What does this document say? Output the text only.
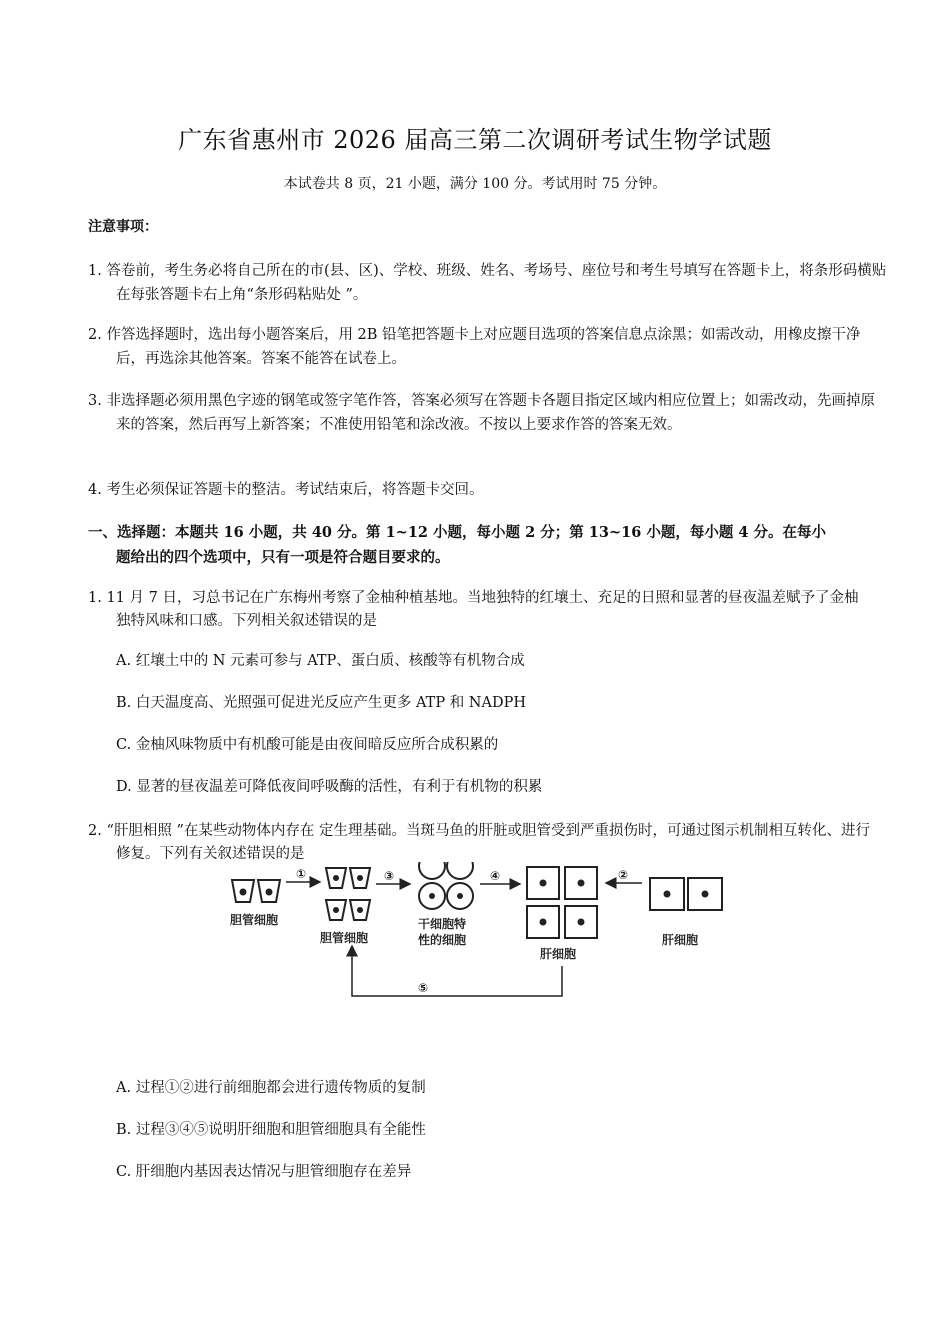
广东省惠州市 2026 届高三第二次调研考试生物学试题
本试卷共 8 页，21 小题，满分 100 分。考试用时 75 分钟。
注意事项：
1. 答卷前，考生务必将自己所在的市(县、区)、学校、班级、姓名、考场号、座位号和考生号填写在答题卡上，将条形码横贴在每张答题卡右上角“条形码粘贴处 ”。
2. 作答选择题时，选出每小题答案后，用 2B 铅笔把答题卡上对应题目选项的答案信息点涂黑；如需改动，用橡皮擦干净后，再选涂其他答案。答案不能答在试卷上。
3. 非选择题必须用黑色字迹的钢笔或签字笔作答，答案必须写在答题卡各题目指定区域内相应位置上；如需改动，先画掉原来的答案，然后再写上新答案；不准使用铅笔和涂改液。不按以上要求作答的答案无效。
4. 考生必须保证答题卡的整洁。考试结束后，将答题卡交回。
一、选择题：本题共 16 小题，共 40 分。第 1~12 小题，每小题 2 分；第 13~16 小题，每小题 4 分。在每小题给出的四个选项中，只有一项是符合题目要求的。
1. 11 月 7 日，习总书记在广东梅州考察了金柚种植基地。当地独特的红壤土、充足的日照和显著的昼夜温差赋予了金柚独特风味和口感。下列相关叙述错误的是
A. 红壤土中的 N 元素可参与 ATP、蛋白质、核酸等有机物合成
B. 白天温度高、光照强可促进光反应产生更多 ATP 和 NADPH
C. 金柚风味物质中有机酸可能是由夜间暗反应所合成积累的
D. 显著的昼夜温差可降低夜间呼吸酶的活性，有利于有机物的积累
2. “肝胆相照 ”在某些动物体内存在 定生理基础。当斑马鱼的肝脏或胆管受到严重损伤时，可通过图示机制相互转化、进行修复。下列有关叙述错误的是
胆管细胞
①
胆管细胞
③
干细胞特
性的细胞
④
肝细胞
②
肝细胞
⑤
A. 过程①②进行前细胞都会进行遗传物质的复制
B. 过程③④⑤说明肝细胞和胆管细胞具有全能性
C. 肝细胞内基因表达情况与胆管细胞存在差异
